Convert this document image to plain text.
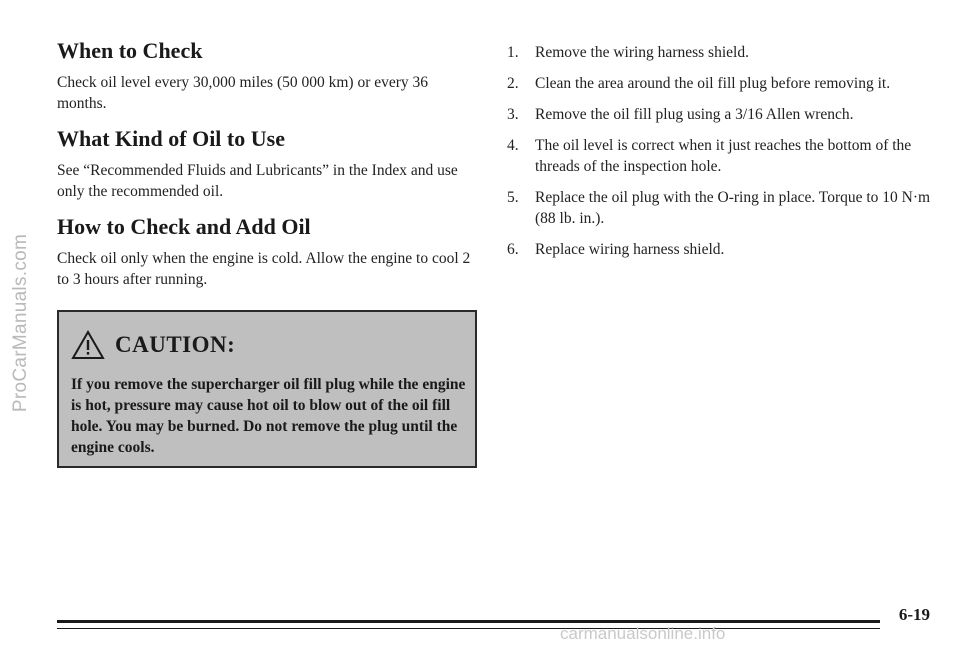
ProCarManuals.com
When to Check

Check oil level every 30,000 miles (50 000 km) or every 36 months.

What Kind of Oil to Use

See “Recommended Fluids and Lubricants” in the Index and use only the recommended oil.

How to Check and Add Oil

Check oil only when the engine is cold. Allow the engine to cool 2 to 3 hours after running.

CAUTION:
If you remove the supercharger oil fill plug while the engine is hot, pressure may cause hot oil to blow out of the oil fill hole. You may be burned. Do not remove the plug until the engine cools.
1.	Remove the wiring harness shield.
2.	Clean the area around the oil fill plug before removing it.
3.	Remove the oil fill plug using a 3/16 Allen wrench.
4.	The oil level is correct when it just reaches the bottom of the threads of the inspection hole.
5.	Replace the oil plug with the O-ring in place. Torque to 10 N·m (88 lb. in.).
6.	Replace wiring harness shield.
6-19
carmanualsonline.info
